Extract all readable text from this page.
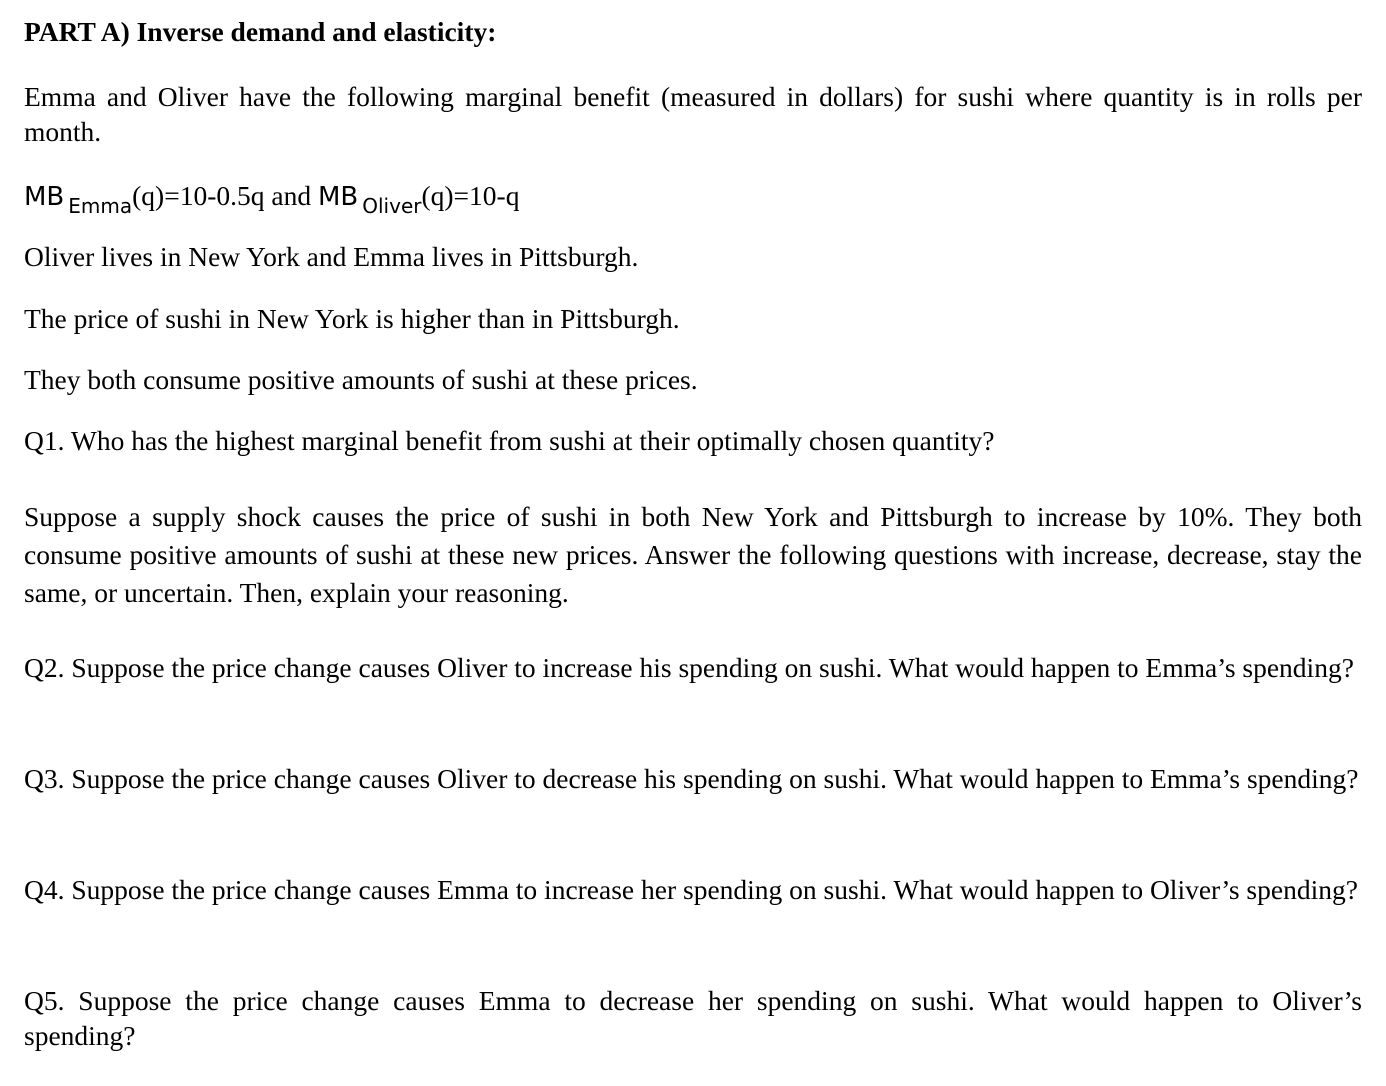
PART A) Inverse demand and elasticity:

Emma and Oliver have the following marginal benefit (measured in dollars) for sushi where quantity is in rolls per month.

MB $_{Emma}$(q)=10-0.5q and MB $_{Oliver}$(q)=10-q

Oliver lives in New York and Emma lives in Pittsburgh.

The price of sushi in New York is higher than in Pittsburgh.

They both consume positive amounts of sushi at these prices.

Q1. Who has the highest marginal benefit from sushi at their optimally chosen quantity?

Suppose a supply shock causes the price of sushi in both New York and Pittsburgh to increase by 10%. They both consume positive amounts of sushi at these new prices. Answer the following questions with increase, decrease, stay the same, or uncertain. Then, explain your reasoning.

Q2. Suppose the price change causes Oliver to increase his spending on sushi. What would happen to Emma’s spending?

Q3. Suppose the price change causes Oliver to decrease his spending on sushi. What would happen to Emma’s spending?

Q4. Suppose the price change causes Emma to increase her spending on sushi. What would happen to Oliver’s spending?

Q5. Suppose the price change causes Emma to decrease her spending on sushi. What would happen to Oliver’s spending?
